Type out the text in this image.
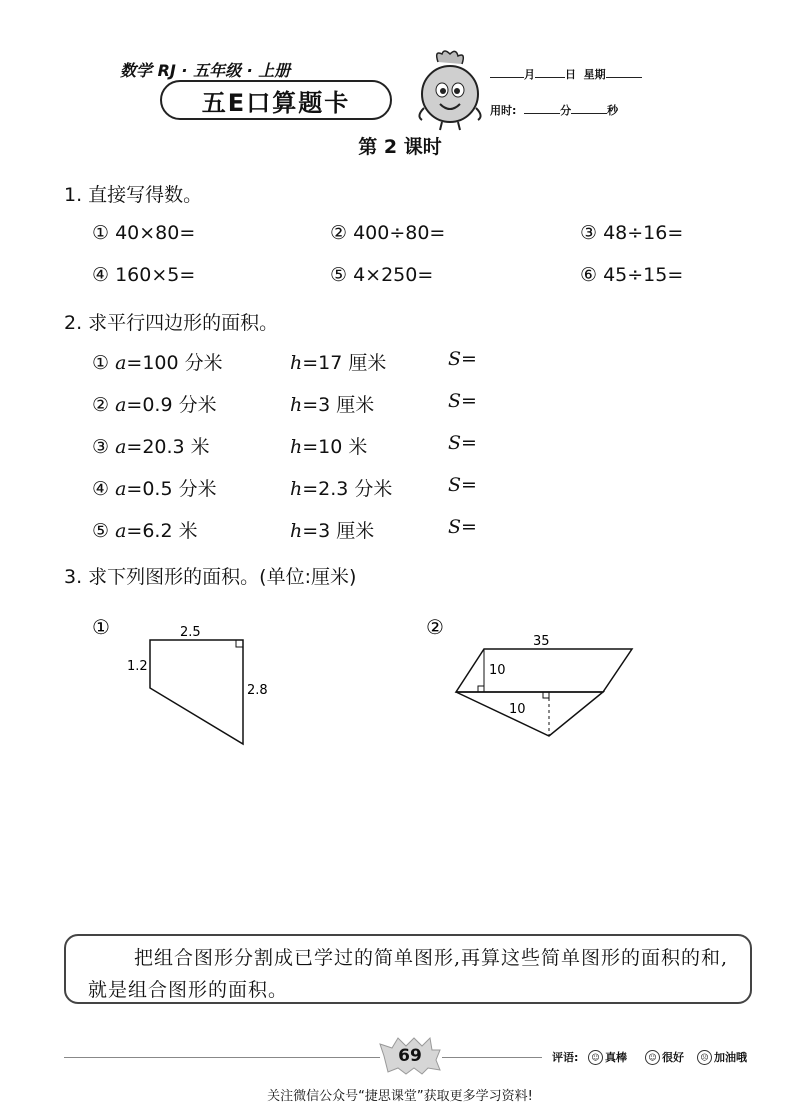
数学 RJ · 五年级 · 上册
五E口算题卡
月	日 星期
用时:	分	秒
第 2 课时
1. 直接写得数。
① 40×80=	② 400÷80=	③ 48÷16=
④ 160×5=	⑤ 4×250=	⑥ 45÷15=
2. 求平行四边形的面积。
① a=100 分米	h=17 厘米	S=
② a=0.9 分米	h=3 厘米	S=
③ a=20.3 米	h=10 米	S=
④ a=0.5 分米	h=2.3 分米	S=
⑤ a=6.2 米	h=3 厘米	S=
3. 求下列图形的面积。(单位:厘米)
①	2.5
1.2
2.8
②
35
10
10
把组合图形分割成已学过的简单图形,再算这些简单图形的面积的和,就是组合图形的面积。
69	评语:	☺ 真棒	☺ 很好	☹ 加油哦
关注微信公众号“捷思课堂”获取更多学习资料!
